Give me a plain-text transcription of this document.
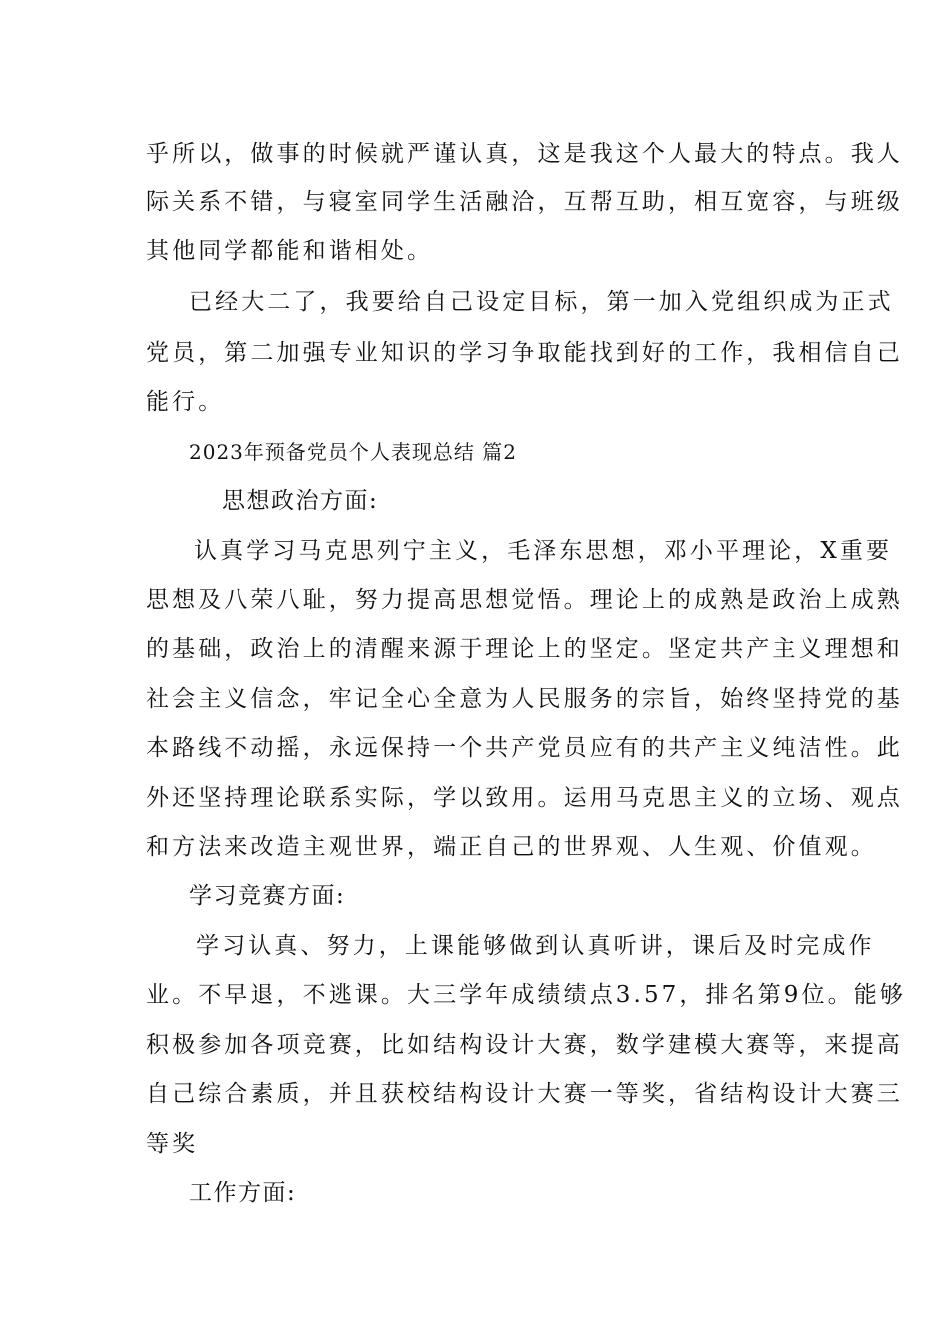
乎所以，做事的时候就严谨认真，这是我这个人最大的特点。我人
际关系不错，与寝室同学生活融洽，互帮互助，相互宽容，与班级
其他同学都能和谐相处。
已经大二了，我要给自己设定目标，第一加入党组织成为正式
党员，第二加强专业知识的学习争取能找到好的工作，我相信自己
能行。
2023年预备党员个人表现总结 篇2
思想政治方面:
认真学习马克思列宁主义，毛泽东思想，邓小平理论，X重要
思想及八荣八耻，努力提高思想觉悟。理论上的成熟是政治上成熟
的基础，政治上的清醒来源于理论上的坚定。坚定共产主义理想和
社会主义信念，牢记全心全意为人民服务的宗旨，始终坚持党的基
本路线不动摇，永远保持一个共产党员应有的共产主义纯洁性。此
外还坚持理论联系实际，学以致用。运用马克思主义的立场、观点
和方法来改造主观世界，端正自己的世界观、人生观、价值观。
学习竞赛方面:
学习认真、努力，上课能够做到认真听讲，课后及时完成作
业。不早退，不逃课。大三学年成绩绩点3.57，排名第9位。能够
积极参加各项竞赛，比如结构设计大赛，数学建模大赛等，来提高
自己综合素质，并且获校结构设计大赛一等奖，省结构设计大赛三
等奖
工作方面:
